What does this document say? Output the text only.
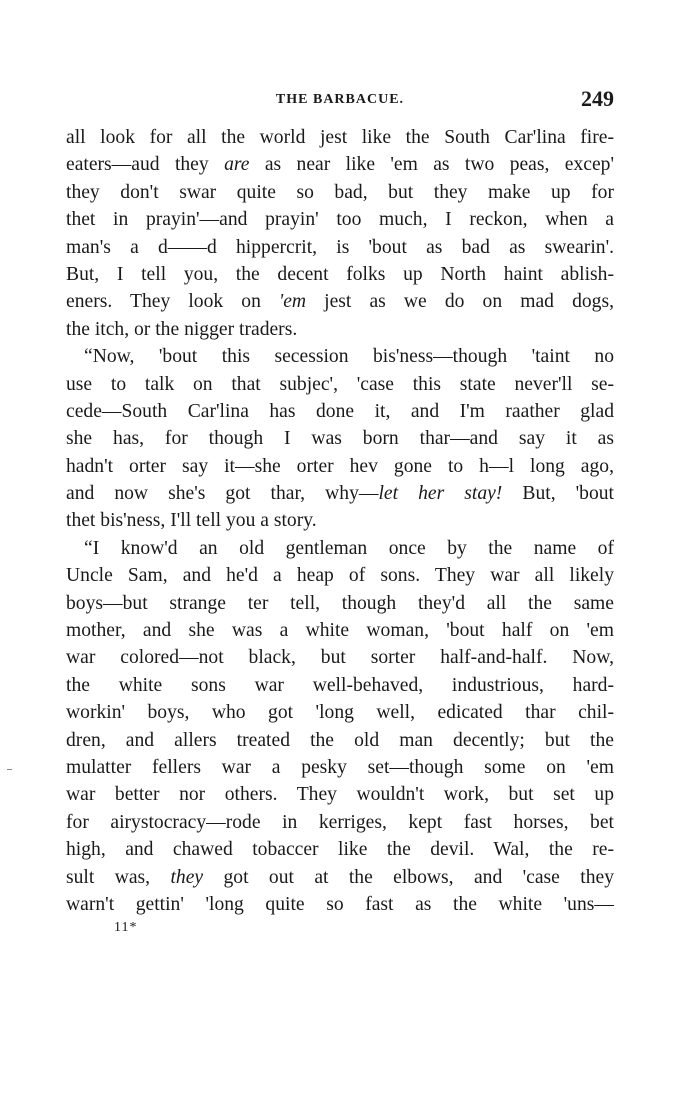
THE BARBACUE.	249
all look for all the world jest like the South Car'lina fire-
eaters—aud they are as near like 'em as two peas, excep'
they don't swar quite so bad, but they make up for
thet in prayin'—and prayin' too much, I reckon, when a
man's a d——d hippercrit, is 'bout as bad as swearin'.
But, I tell you, the decent folks up North haint ablish-
eners. They look on 'em jest as we do on mad dogs,
the itch, or the nigger traders.
“Now, 'bout this secession bis'ness—though 'taint no
use to talk on that subjec', 'case this state never'll se-
cede—South Car'lina has done it, and I'm raather glad
she has, for though I was born thar—and say it as
hadn't orter say it—she orter hev gone to h—l long ago,
and now she's got thar, why—let her stay! But, 'bout
thet bis'ness, I'll tell you a story.
“I know'd an old gentleman once by the name of
Uncle Sam, and he'd a heap of sons. They war all likely
boys—but strange ter tell, though they'd all the same
mother, and she was a white woman, 'bout half on 'em
war colored—not black, but sorter half-and-half. Now,
the white sons war well-behaved, industrious, hard-
workin' boys, who got 'long well, edicated thar chil-
dren, and allers treated the old man decently; but the
mulatter fellers war a pesky set—though some on 'em
war better nor others. They wouldn't work, but set up
for airystocracy—rode in kerriges, kept fast horses, bet
high, and chawed tobaccer like the devil. Wal, the re-
sult was, they got out at the elbows, and 'case they
warn't gettin' 'long quite so fast as the white 'uns—
11*
